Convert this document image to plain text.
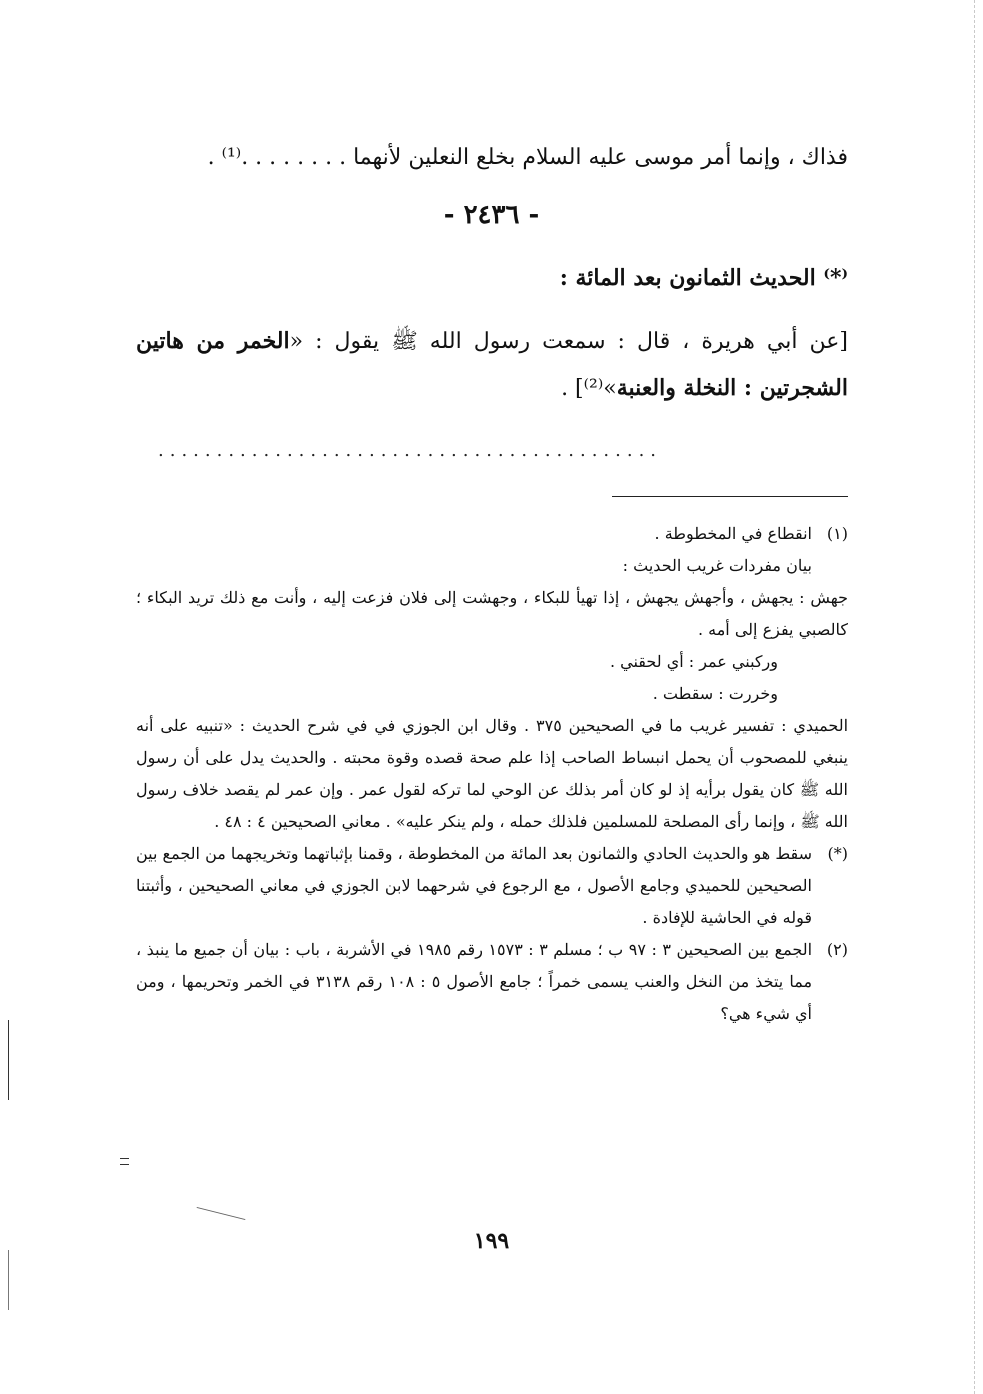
فذاك ، وإنما أمر موسى عليه السلام بخلع النعلين لأنهما . . . . . . . .⁽¹⁾ .
- ٢٤٣٦ -
⁽*⁾ الحديث الثمانون بعد المائة :
[عن أبي هريرة ، قال : سمعت رسول الله ﷺ يقول : «الخمر من هاتين الشجرتين : النخلة والعنبة»⁽²⁾] .
...........................................
(١)
انقطاع في المخطوطة .
بيان مفردات غريب الحديث :
جهش : يجهش ، وأجهش يجهش ، إذا تهيأ للبكاء ، وجهشت إلى فلان فزعت إليه ، وأنت مع ذلك تريد البكاء ؛ كالصبي يفزع إلى أمه .
وركبني عمر : أي لحقني .
وخررت : سقطت .
الحميدي : تفسير غريب ما في الصحيحين ٣٧٥ . وقال ابن الجوزي في في شرح الحديث : «تنبيه على أنه ينبغي للمصحوب أن يحمل انبساط الصاحب إذا علم صحة قصده وقوة محبته . والحديث يدل على أن رسول الله ﷺ كان يقول برأيه إذ لو كان أمر بذلك عن الوحي لما تركه لقول عمر . وإن عمر لم يقصد خلاف رسول الله ﷺ ، وإنما رأى المصلحة للمسلمين فلذلك حمله ، ولم ينكر عليه» . معاني الصحيحين ٤ : ٤٨ .
(*)
سقط هو والحديث الحادي والثمانون بعد المائة من المخطوطة ، وقمنا بإثباتهما وتخريجهما من الجمع بين الصحيحين للحميدي وجامع الأصول ، مع الرجوع في شرحهما لابن الجوزي في معاني الصحيحين ، وأثبتنا قوله في الحاشية للإفادة .
(٢)
الجمع بين الصحيحين ٣ : ٩٧ ب ؛ مسلم ٣ : ١٥٧٣ رقم ١٩٨٥ في الأشربة ، باب : بيان أن جميع ما ينبذ ، مما يتخذ من النخل والعنب يسمى خمراً ؛ جامع الأصول ٥ : ١٠٨ رقم ٣١٣٨ في الخمر وتحريمها ، ومن أي شيء هي؟
١٩٩
